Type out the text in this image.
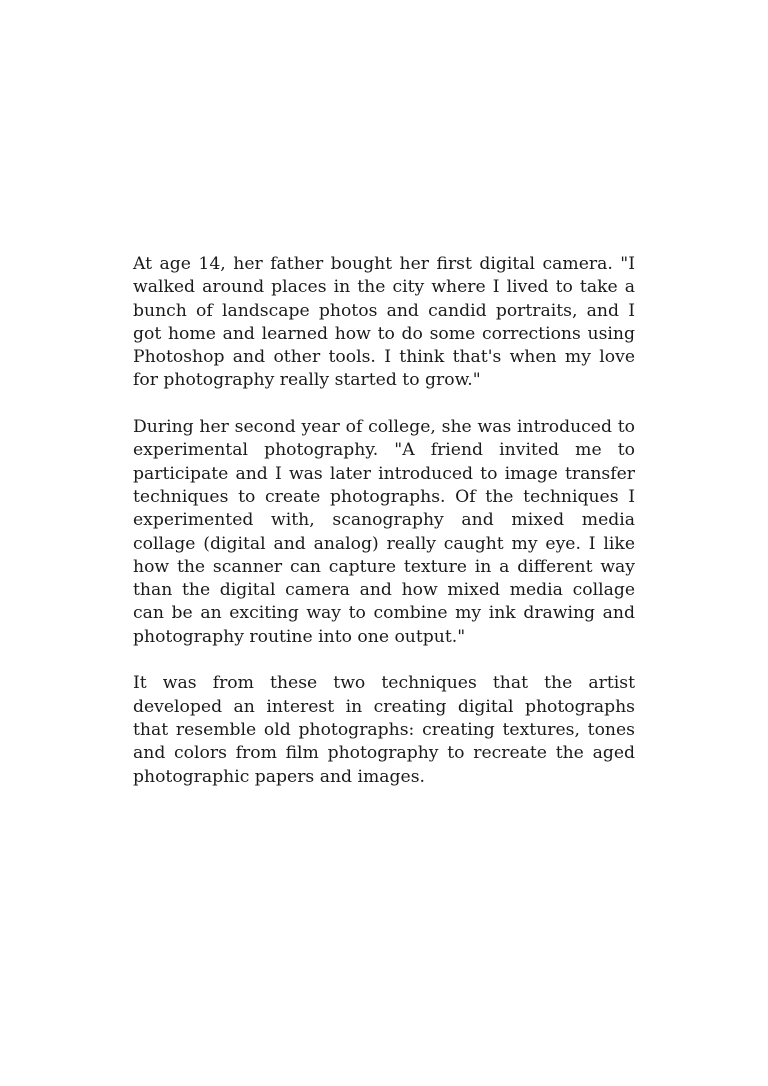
At age 14, her father bought her first digital camera. "I walked around places in the city where I lived to take a bunch of landscape photos and candid portraits, and I got home and learned how to do some corrections using Photoshop and other tools. I think that's when my love for photography really started to grow."

During her second year of college, she was introduced to experimental photography. "A friend invited me to participate and I was later introduced to image transfer techniques to create photographs. Of the techniques I experimented with, scanography and mixed media collage (digital and analog) really caught my eye. I like how the scanner can capture texture in a different way than the digital camera and how mixed media collage can be an exciting way to combine my ink drawing and photography routine into one output."

It was from these two techniques that the artist developed an interest in creating digital photographs that resemble old photographs: creating textures, tones and colors from film photography to recreate the aged photographic papers and images.
